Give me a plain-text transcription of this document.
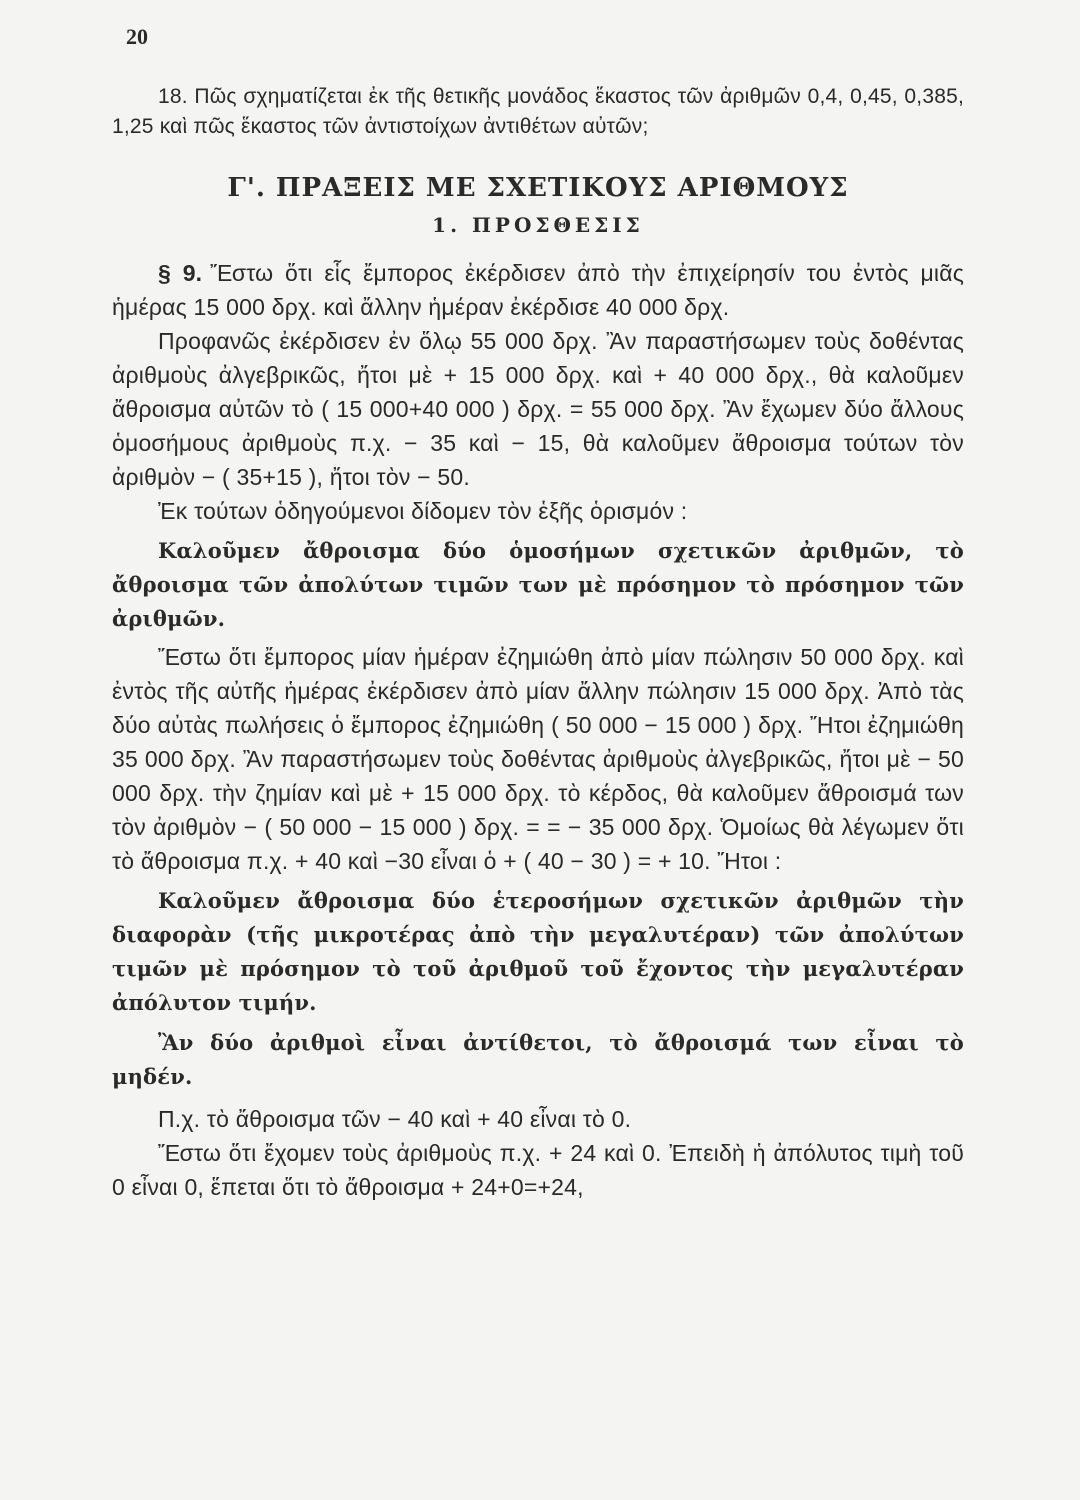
20

18. Πῶς σχηματίζεται ἐκ τῆς θετικῆς μονάδος ἕκαστος τῶν ἀριθμῶν 0,4, 0,45, 0,385, 1,25 καὶ πῶς ἕκαστος τῶν ἀντιστοίχων ἀντιθέτων αὐτῶν;

Γ'. ΠΡΑΞΕΙΣ ΜΕ ΣΧΕΤΙΚΟΥΣ ΑΡΙΘΜΟΥΣ
1. ΠΡΟΣΘΕΣΙΣ

§ 9. Ἔστω ὅτι εἷς ἔμπορος ἐκέρδισεν ἀπὸ τὴν ἐπιχείρησίν του ἐντὸς μιᾶς ἡμέρας 15 000 δρχ. καὶ ἄλλην ἡμέραν ἐκέρδισε 40 000 δρχ.

Προφανῶς ἐκέρδισεν ἐν ὅλῳ 55 000 δρχ. Ἂν παραστήσωμεν τοὺς δοθέντας ἀριθμοὺς ἀλγεβρικῶς, ἤτοι μὲ + 15 000 δρχ. καὶ + 40 000 δρχ., θὰ καλοῦμεν ἄθροισμα αὐτῶν τὸ ( 15 000+40 000 ) δρχ. = 55 000 δρχ. Ἂν ἔχωμεν δύο ἄλλους ὁμοσήμους ἀριθμοὺς π.χ. − 35 καὶ − 15, θὰ καλοῦμεν ἄθροισμα τούτων τὸν ἀριθμὸν − ( 35+15 ), ἤτοι τὸν − 50.

Ἐκ τούτων ὁδηγούμενοι δίδομεν τὸν ἑξῆς ὁρισμόν :

Καλοῦμεν ἄθροισμα δύο ὁμοσήμων σχετικῶν ἀριθμῶν, τὸ ἄθροισμα τῶν ἀπολύτων τιμῶν των μὲ πρόσημον τὸ πρόσημον τῶν ἀριθμῶν.

Ἔστω ὅτι ἔμπορος μίαν ἡμέραν ἐζημιώθη ἀπὸ μίαν πώλησιν 50 000 δρχ. καὶ ἐντὸς τῆς αὐτῆς ἡμέρας ἐκέρδισεν ἀπὸ μίαν ἄλλην πώλησιν 15 000 δρχ. Ἀπὸ τὰς δύο αὐτὰς πωλήσεις ὁ ἔμπορος ἐζημιώθη ( 50 000 − 15 000 ) δρχ. Ἤτοι ἐζημιώθη 35 000 δρχ. Ἂν παραστήσωμεν τοὺς δοθέντας ἀριθμοὺς ἀλγεβρικῶς, ἤτοι μὲ − 50 000 δρχ. τὴν ζημίαν καὶ μὲ + 15 000 δρχ. τὸ κέρδος, θὰ καλοῦμεν ἄθροισμά των τὸν ἀριθμὸν − ( 50 000 − 15 000 ) δρχ. = = − 35 000 δρχ. Ὁμοίως θὰ λέγωμεν ὅτι τὸ ἄθροισμα π.χ. + 40 καὶ −30 εἶναι ὁ + ( 40 − 30 ) = + 10. Ἤτοι :

Καλοῦμεν ἄθροισμα δύο ἑτεροσήμων σχετικῶν ἀριθμῶν τὴν διαφορὰν (τῆς μικροτέρας ἀπὸ τὴν μεγαλυτέραν) τῶν ἀπολύτων τιμῶν μὲ πρόσημον τὸ τοῦ ἀριθμοῦ τοῦ ἔχοντος τὴν μεγαλυτέραν ἀπόλυτον τιμήν.

Ἂν δύο ἀριθμοὶ εἶναι ἀντίθετοι, τὸ ἄθροισμά των εἶναι τὸ μηδέν.

Π.χ. τὸ ἄθροισμα τῶν − 40 καὶ + 40 εἶναι τὸ 0.

Ἔστω ὅτι ἔχομεν τοὺς ἀριθμοὺς π.χ. + 24 καὶ 0. Ἐπειδὴ ἡ ἀπόλυτος τιμὴ τοῦ 0 εἶναι 0, ἕπεται ὅτι τὸ ἄθροισμα + 24+0=+24,
